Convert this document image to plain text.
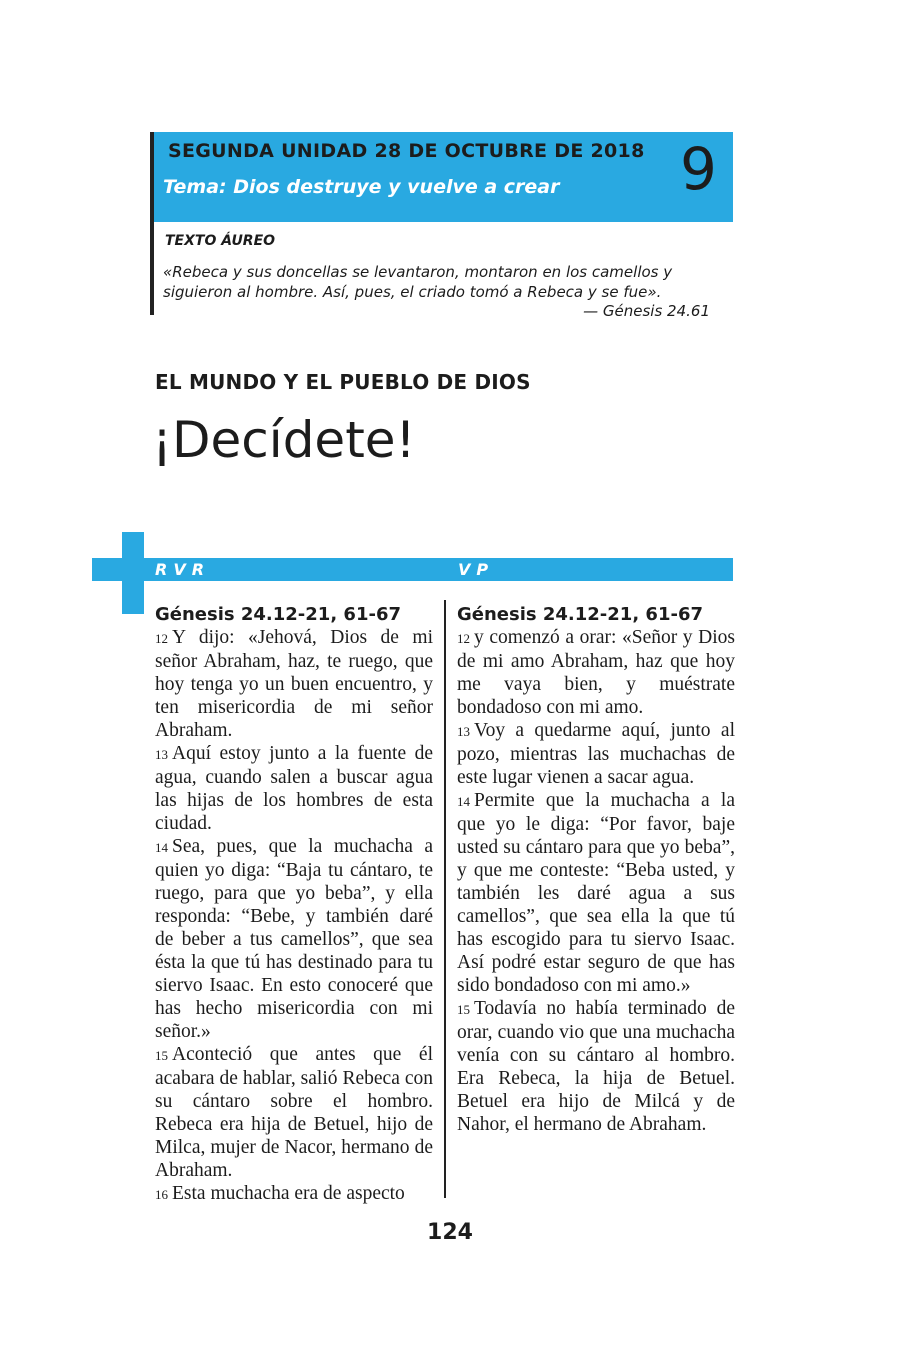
SEGUNDA UNIDAD 28 DE OCTUBRE DE 2018
Tema: Dios destruye y vuelve a crear 9
TEXTO ÁUREO
«Rebeca y sus doncellas se levantaron, montaron en los camellos y siguieron al hombre. Así, pues, el criado tomó a Rebeca y se fue».
— Génesis 24.61
EL MUNDO Y EL PUEBLO DE DIOS
¡Decídete!
RVR	VP
Génesis 24.12-21, 61-67

12 Y dijo: «Jehová, Dios de mi señor Abraham, haz, te ruego, que hoy tenga yo un buen encuentro, y ten misericordia de mi señor Abraham.

13 Aquí estoy junto a la fuente de agua, cuando salen a buscar agua las hijas de los hombres de esta ciudad.

14 Sea, pues, que la muchacha a quien yo diga: “Baja tu cántaro, te ruego, para que yo beba”, y ella responda: “Bebe, y también daré de beber a tus camellos”, que sea ésta la que tú has destinado para tu siervo Isaac. En esto conoceré que has hecho misericordia con mi señor.»

15 Aconteció que antes que él acabara de hablar, salió Rebeca con su cántaro sobre el hombro. Rebeca era hija de Betuel, hijo de Milca, mujer de Nacor, hermano de Abraham.

16 Esta muchacha era de aspecto

Génesis 24.12-21, 61-67

12 y comenzó a orar: «Señor y Dios de mi amo Abraham, haz que hoy me vaya bien, y muéstrate bondadoso con mi amo.

13 Voy a quedarme aquí, junto al pozo, mientras las muchachas de este lugar vienen a sacar agua.

14 Permite que la muchacha a la que yo le diga: “Por favor, baje usted su cántaro para que yo beba”, y que me conteste: “Beba usted, y también les daré agua a sus camellos”, que sea ella la que tú has escogido para tu siervo Isaac. Así podré estar seguro de que has sido bondadoso con mi amo.»

15 Todavía no había terminado de orar, cuando vio que una muchacha venía con su cántaro al hombro. Era Rebeca, la hija de Betuel. Betuel era hijo de Milcá y de Nahor, el hermano de Abraham.

124
